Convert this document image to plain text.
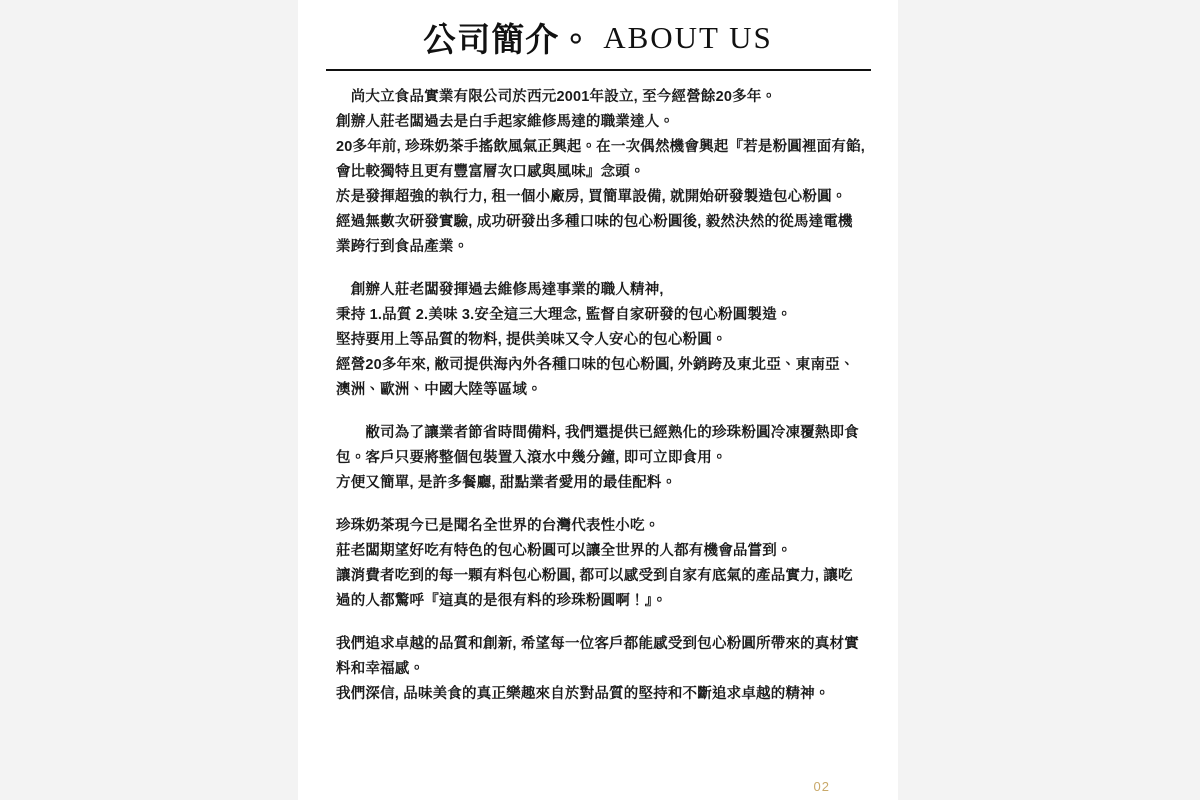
公司簡介。 ABOUT US

　尚大立食品實業有限公司於西元2001年設立, 至今經營餘20多年。
創辦人莊老闆過去是白手起家維修馬達的職業達人。
20多年前, 珍珠奶茶手搖飲風氣正興起。在一次偶然機會興起『若是粉圓裡面有餡, 會比較獨特且更有豐富層次口感與風味』念頭。
於是發揮超強的執行力, 租一個小廠房, 買簡單設備, 就開始研發製造包心粉圓。
經過無數次研發實驗, 成功研發出多種口味的包心粉圓後, 毅然決然的從馬達電機業跨行到食品產業。

　創辦人莊老闆發揮過去維修馬達事業的職人精神,
秉持 1.品質 2.美味 3.安全這三大理念, 監督自家研發的包心粉圓製造。
堅持要用上等品質的物料, 提供美味又令人安心的包心粉圓。
經營20多年來, 敝司提供海內外各種口味的包心粉圓, 外銷跨及東北亞、東南亞、 澳洲、歐洲、中國大陸等區域。

　　敝司為了讓業者節省時間備料, 我們還提供已經熟化的珍珠粉圓冷凍覆熱即食包。客戶只要將整個包裝置入滾水中幾分鐘, 即可立即食用。
方便又簡單, 是許多餐廳, 甜點業者愛用的最佳配料。

珍珠奶茶現今已是聞名全世界的台灣代表性小吃。
莊老闆期望好吃有特色的包心粉圓可以讓全世界的人都有機會品嘗到。
讓消費者吃到的每一顆有料包心粉圓, 都可以感受到自家有底氣的產品實力, 讓吃過的人都驚呼『這真的是很有料的珍珠粉圓啊！』。

我們追求卓越的品質和創新, 希望每一位客戶都能感受到包心粉圓所帶來的真材實料和幸福感。
我們深信, 品味美食的真正樂趣來自於對品質的堅持和不斷追求卓越的精神。

02
